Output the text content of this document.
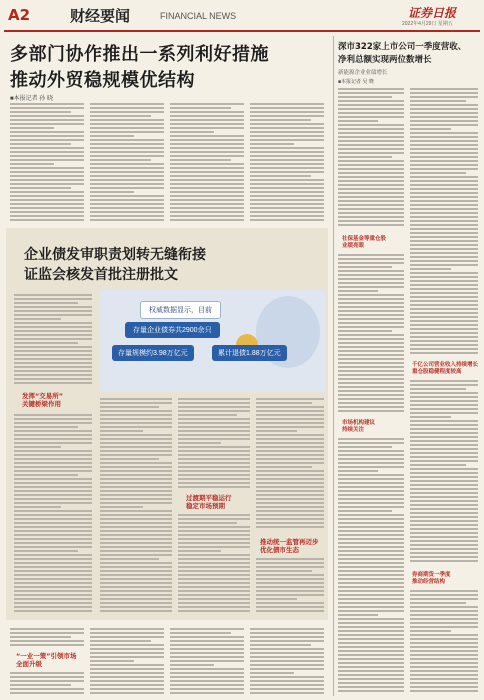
A2	财经要闻	FINANCIAL NEWS	证券日报
2022年4月29日 星期五
多部门协作推出一系列利好措施
推动外贸稳规模优结构
■本报记者 孙 晓
企业债发审职责划转无缝衔接
证监会核发首批注册批文
权威数据显示，目前
存量企业债券共2900余只
存量规模约3.98万亿元	累计退债1.88万亿元
发挥“交易所”
关键桥梁作用
过渡期平稳运行
稳定市场预期
推动统一监管再迈步
优化债市生态
“一业一策”引领市场
全面升级
深市322家上市公司一季度营收、
净利总额实现两位数增长
新能源企业业绩增长
■本报记者 吴 晓
社保基金等重仓股
业绩亮眼
市场机构建议
持续关注
千亿公司营业收入持续增长
重仓股稳健程度较高
券商期货一季度
推动经营结构
